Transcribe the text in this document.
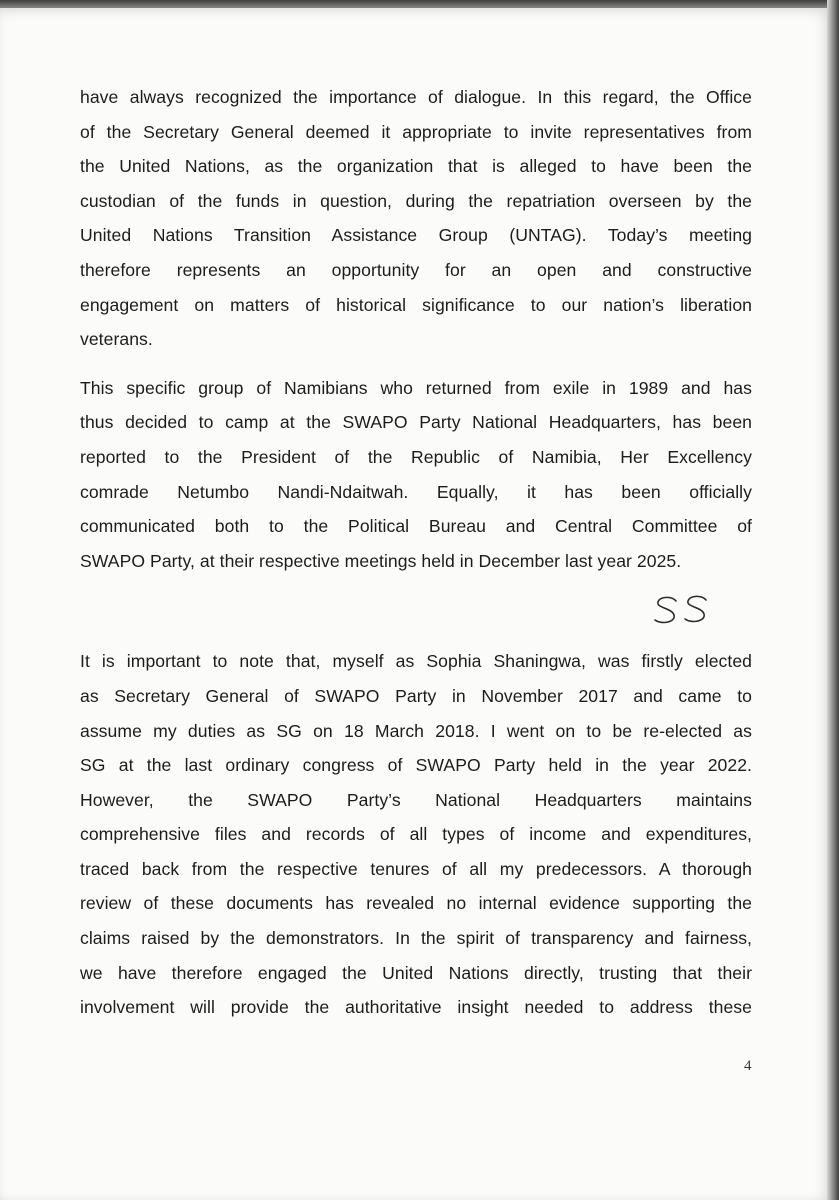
have always recognized the importance of dialogue. In this regard, the Office
of the Secretary General deemed it appropriate to invite representatives from
the United Nations, as the organization that is alleged to have been the
custodian of the funds in question, during the repatriation overseen by the
United Nations Transition Assistance Group (UNTAG). Today’s meeting
therefore represents an opportunity for an open and constructive
engagement on matters of historical significance to our nation’s liberation
veterans.

This specific group of Namibians who returned from exile in 1989 and has
thus decided to camp at the SWAPO Party National Headquarters, has been
reported to the President of the Republic of Namibia, Her Excellency
comrade Netumbo Nandi-Ndaitwah. Equally, it has been officially
communicated both to the Political Bureau and Central Committee of
SWAPO Party, at their respective meetings held in December last year 2025.

It is important to note that, myself as Sophia Shaningwa, was firstly elected
as Secretary General of SWAPO Party in November 2017 and came to
assume my duties as SG on 18 March 2018. I went on to be re-elected as
SG at the last ordinary congress of SWAPO Party held in the year 2022.
However, the SWAPO Party’s National Headquarters maintains
comprehensive files and records of all types of income and expenditures,
traced back from the respective tenures of all my predecessors. A thorough
review of these documents has revealed no internal evidence supporting the
claims raised by the demonstrators. In the spirit of transparency and fairness,
we have therefore engaged the United Nations directly, trusting that their
involvement will provide the authoritative insight needed to address these

4
